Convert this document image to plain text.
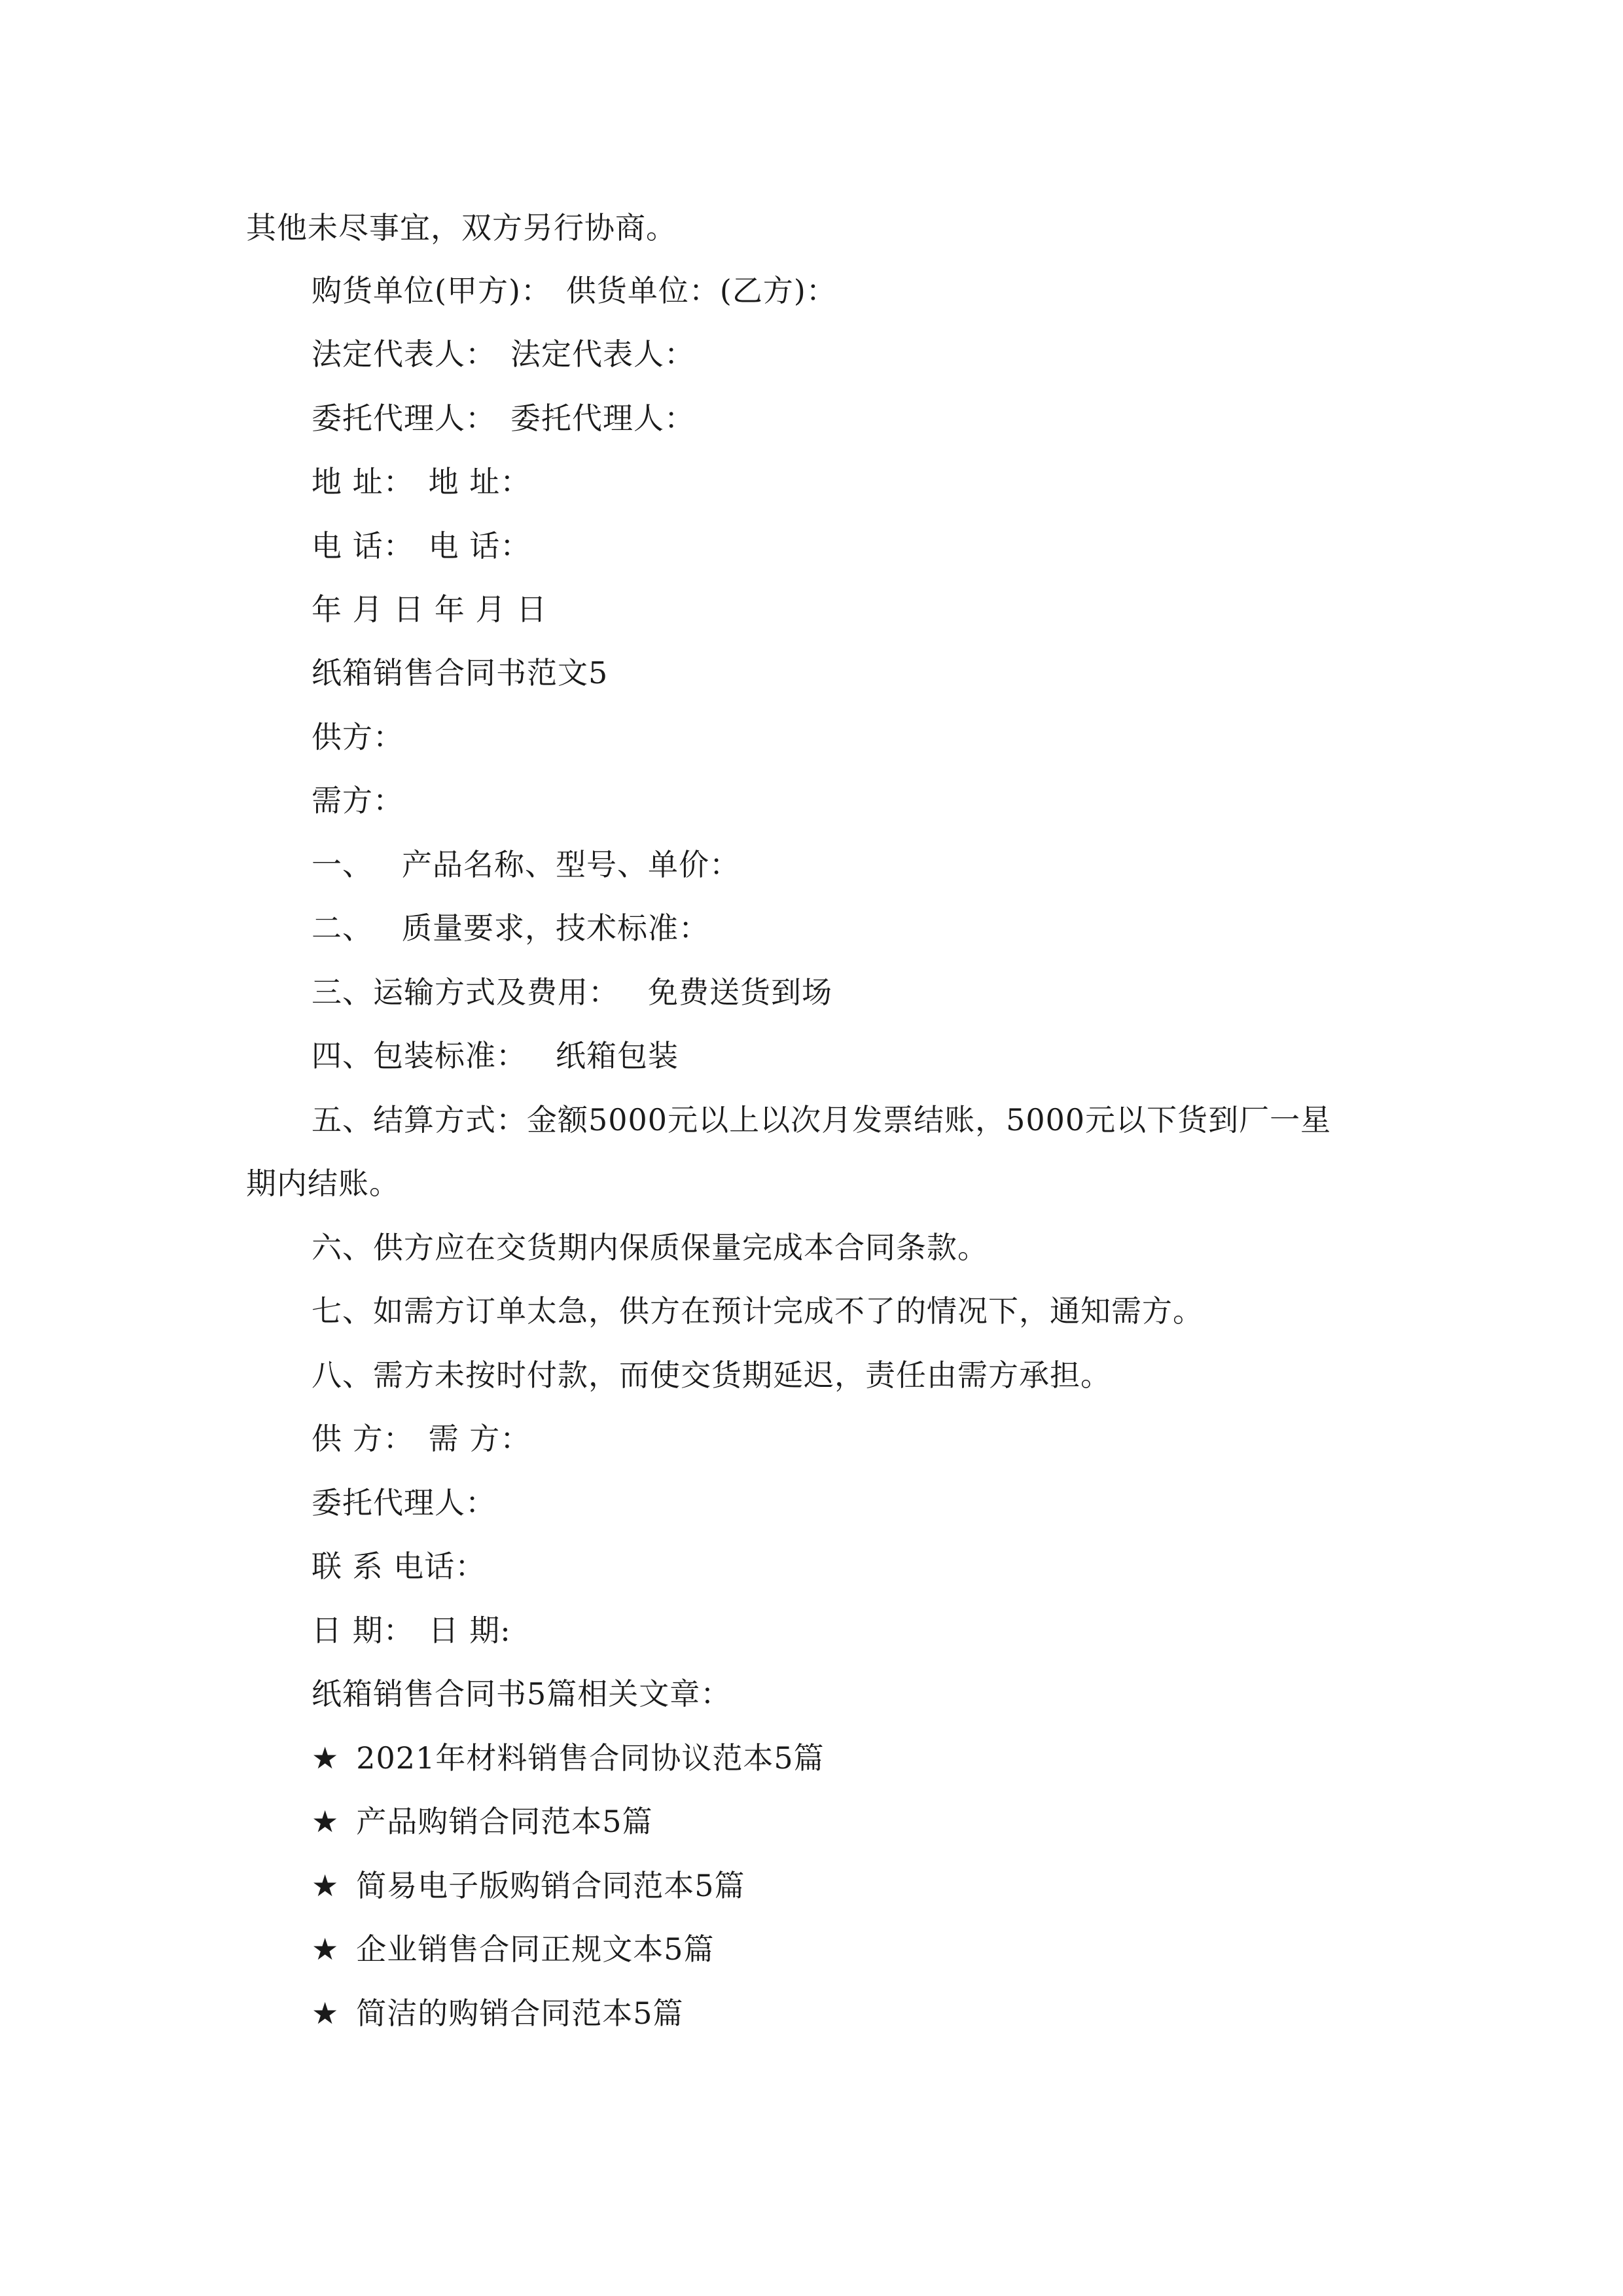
其他未尽事宜，双方另行协商。
购货单位(甲方)： 供货单位：(乙方)：
法定代表人： 法定代表人：
委托代理人： 委托代理人：
地 址： 地 址：
电 话： 电 话：
年 月 日 年 月 日
纸箱销售合同书范文5
供方：
需方：
一、 产品名称、型号、单价：
二、 质量要求，技术标准：
三、运输方式及费用： 免费送货到场
四、包装标准： 纸箱包装
五、结算方式：金额5000元以上以次月发票结账，5000元以下货到厂一星
期内结账。
六、供方应在交货期内保质保量完成本合同条款。
七、如需方订单太急，供方在预计完成不了的情况下，通知需方。
八、需方未按时付款，而使交货期延迟，责任由需方承担。
供 方： 需 方：
委托代理人：
联 系 电话：
日 期： 日 期:
纸箱销售合同书5篇相关文章：
★ 2021年材料销售合同协议范本5篇
★ 产品购销合同范本5篇
★ 简易电子版购销合同范本5篇
★ 企业销售合同正规文本5篇
★ 简洁的购销合同范本5篇
